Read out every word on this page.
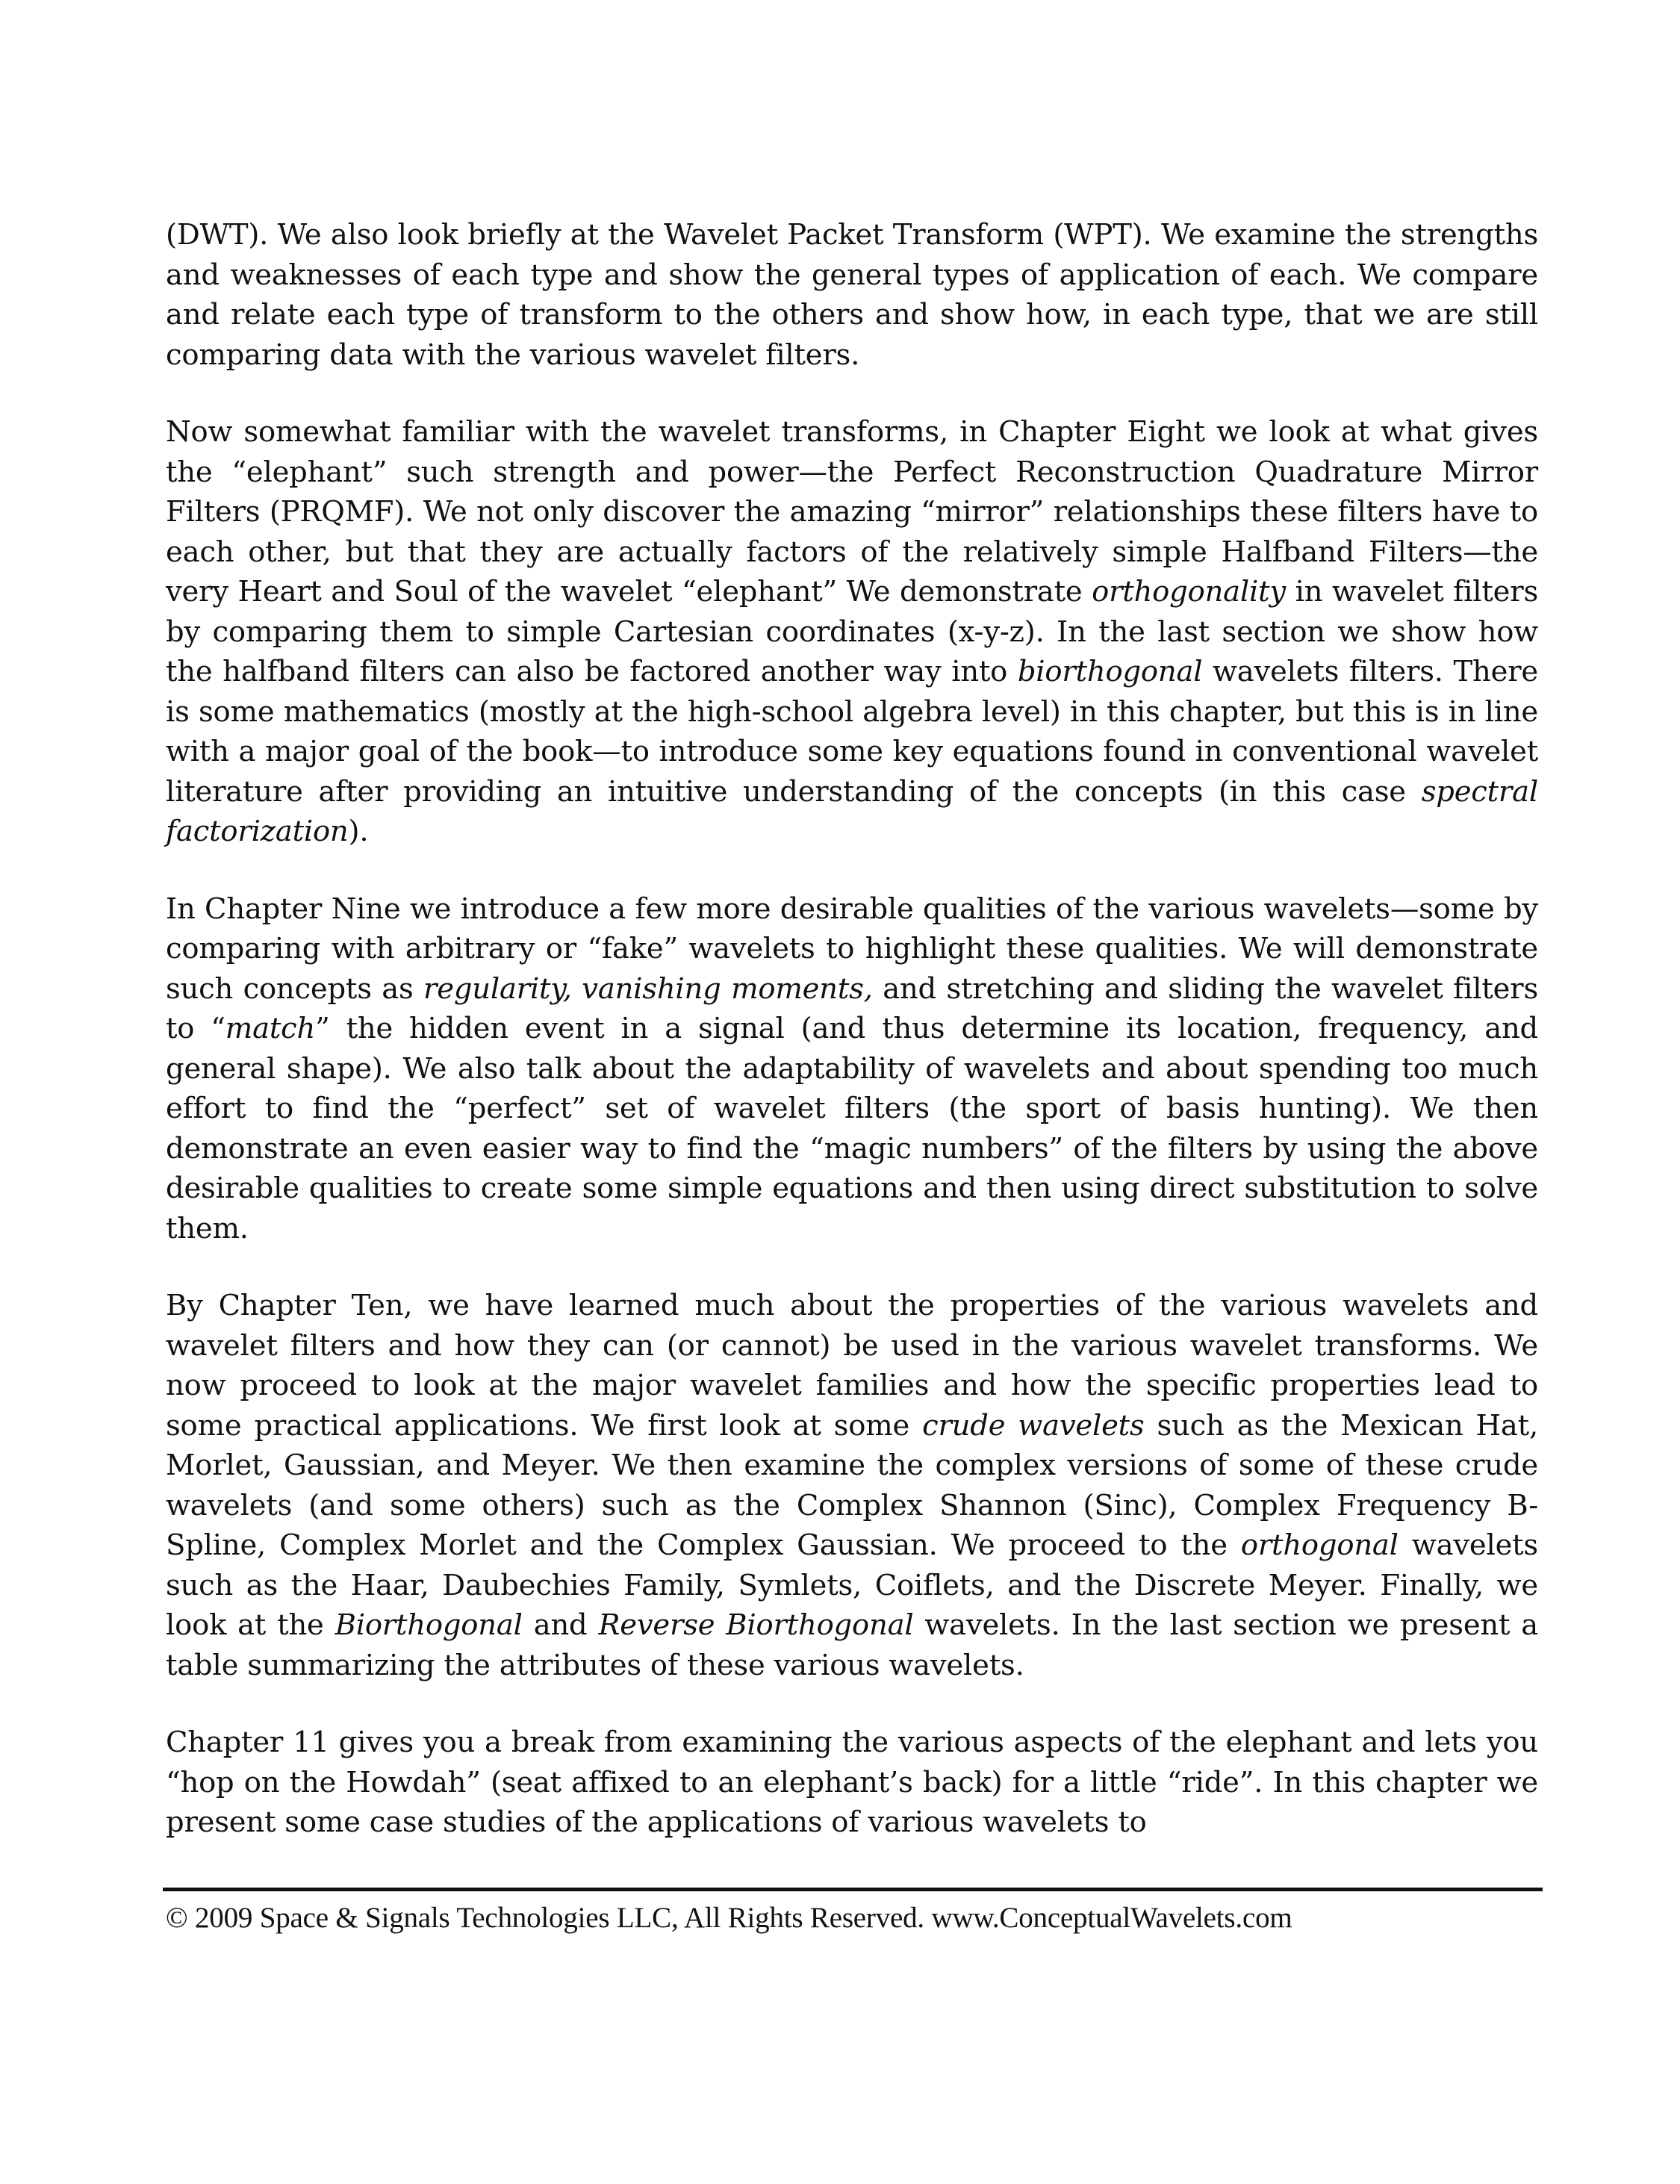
(DWT). We also look briefly at the Wavelet Packet Transform (WPT). We examine the strengths and weaknesses of each type and show the general types of application of each. We compare and relate each type of transform to the others and show how, in each type, that we are still comparing data with the various wavelet filters.

Now somewhat familiar with the wavelet transforms, in Chapter Eight we look at what gives the “elephant” such strength and power—the Perfect Reconstruction Quadrature Mirror Filters (PRQMF). We not only discover the amazing “mirror” relationships these filters have to each other, but that they are actually factors of the relatively simple Halfband Filters—the very Heart and Soul of the wavelet “elephant” We demonstrate orthogonality in wavelet filters by comparing them to simple Cartesian coordinates (x-y-z). In the last section we show how the halfband filters can also be factored another way into biorthogonal wavelets filters. There is some mathematics (mostly at the high-school algebra level) in this chapter, but this is in line with a major goal of the book—to introduce some key equations found in conventional wavelet literature after providing an intuitive understanding of the concepts (in this case spectral factorization).

In Chapter Nine we introduce a few more desirable qualities of the various wavelets—some by comparing with arbitrary or “fake” wavelets to highlight these qualities. We will demonstrate such concepts as regularity, vanishing moments, and stretching and sliding the wavelet filters to “match” the hidden event in a signal (and thus determine its location, frequency, and general shape). We also talk about the adaptability of wavelets and about spending too much effort to find the “perfect” set of wavelet filters (the sport of basis hunting). We then demonstrate an even easier way to find the “magic numbers” of the filters by using the above desirable qualities to create some simple equations and then using direct substitution to solve them.

By Chapter Ten, we have learned much about the properties of the various wavelets and wavelet filters and how they can (or cannot) be used in the various wavelet transforms. We now proceed to look at the major wavelet families and how the specific properties lead to some practical applications. We first look at some crude wavelets such as the Mexican Hat, Morlet, Gaussian, and Meyer. We then examine the complex versions of some of these crude wavelets (and some others) such as the Complex Shannon (Sinc), Complex Frequency B-Spline, Complex Morlet and the Complex Gaussian. We proceed to the orthogonal wavelets such as the Haar, Daubechies Family, Symlets, Coiflets, and the Discrete Meyer. Finally, we look at the Biorthogonal and Reverse Biorthogonal wavelets. In the last section we present a table summarizing the attributes of these various wavelets.

Chapter 11 gives you a break from examining the various aspects of the elephant and lets you “hop on the Howdah” (seat affixed to an elephant’s back) for a little “ride”. In this chapter we present some case studies of the applications of various wavelets to

© 2009 Space & Signals Technologies LLC, All Rights Reserved. www.ConceptualWavelets.com
